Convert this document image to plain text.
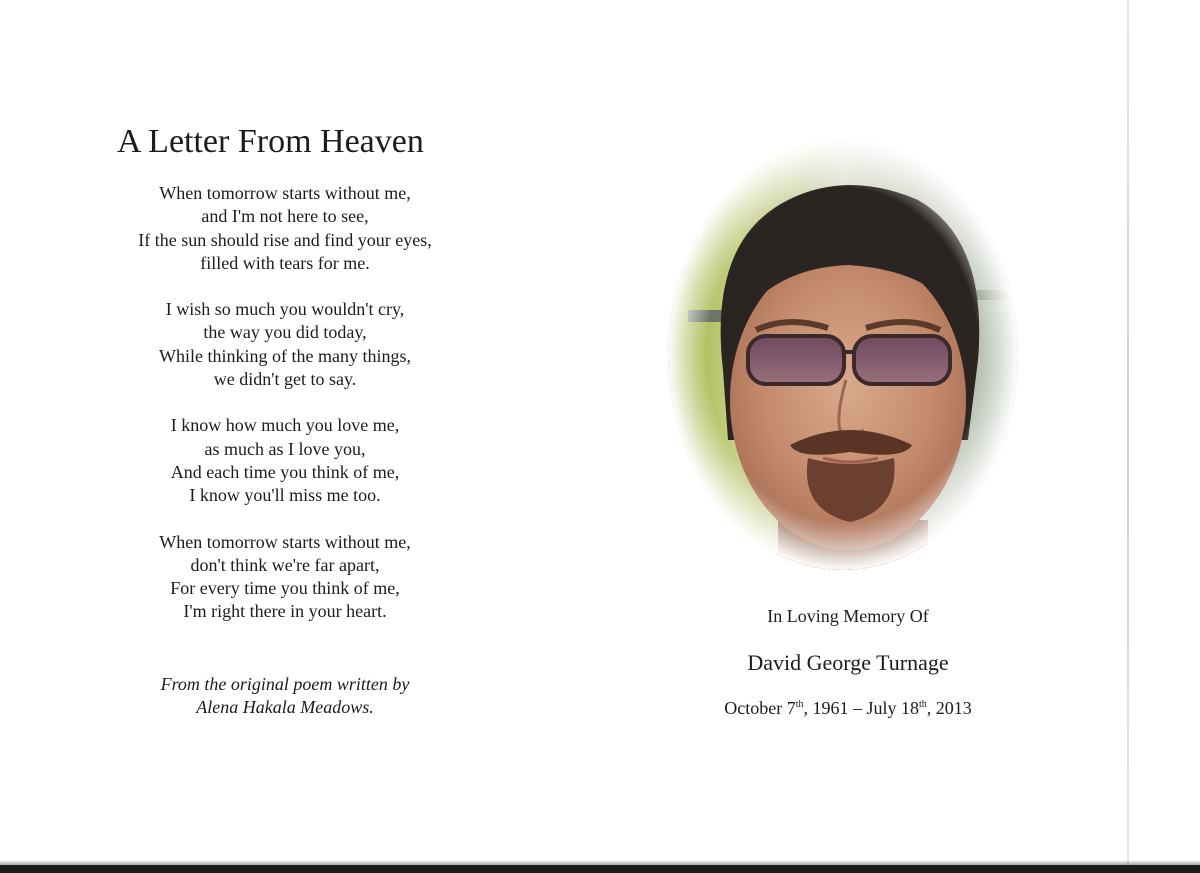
A Letter From Heaven
When tomorrow starts without me,
and I'm not here to see,
If the sun should rise and find your eyes,
filled with tears for me.
I wish so much you wouldn't cry,
the way you did today,
While thinking of the many things,
we didn't get to say.
I know how much you love me,
as much as I love you,
And each time you think of me,
I know you'll miss me too.
When tomorrow starts without me,
don't think we're far apart,
For every time you think of me,
I'm right there in your heart.
From the original poem written by
Alena Hakala Meadows.
In Loving Memory Of
David George Turnage
October 7th, 1961 – July 18th, 2013
